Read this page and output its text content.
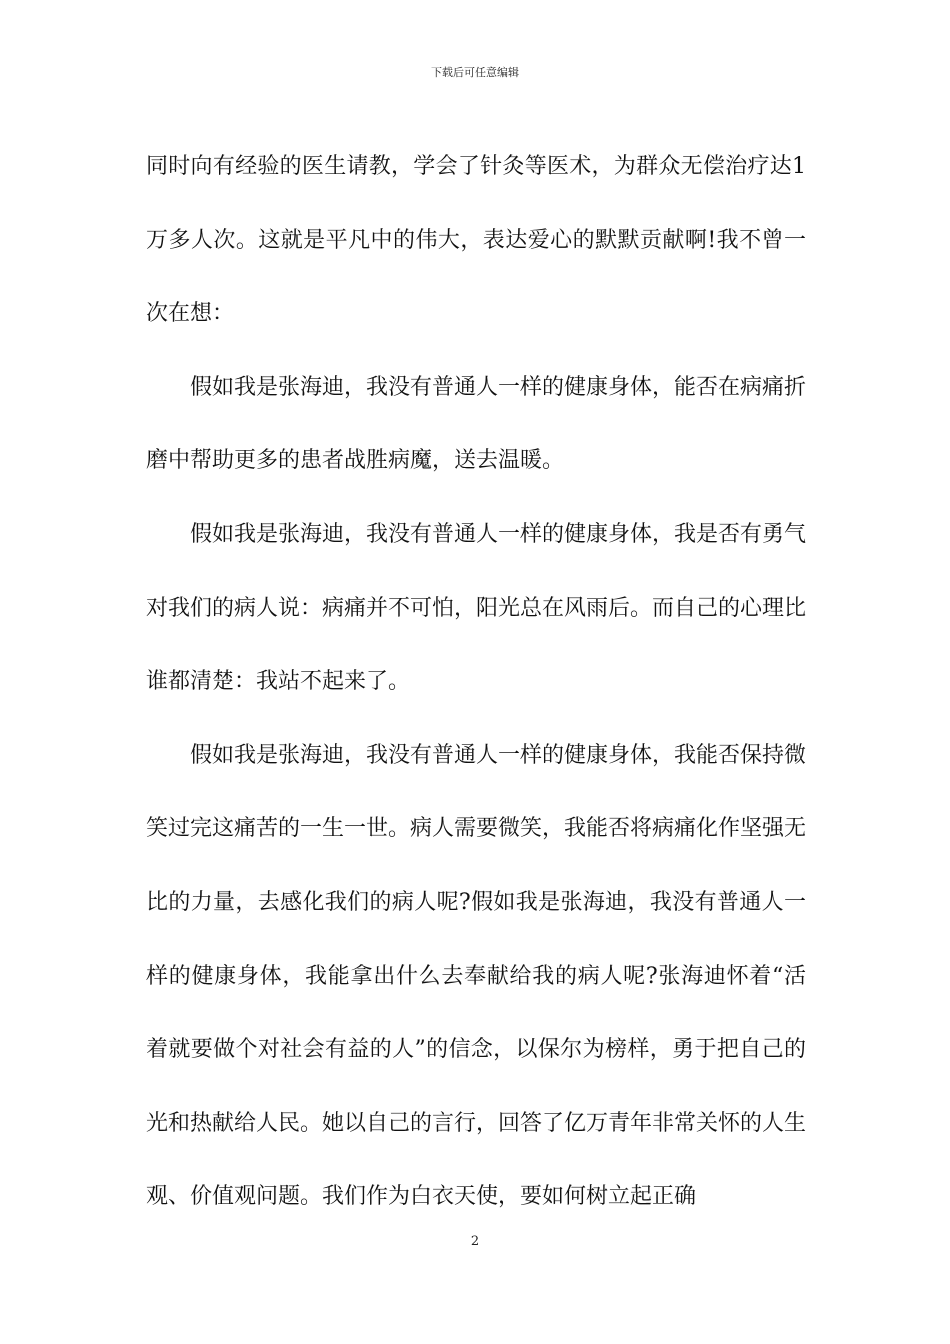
下载后可任意编辑

同时向有经验的医生请教，学会了针灸等医术，为群众无偿治疗达1万多人次。这就是平凡中的伟大，表达爱心的默默贡献啊!我不曾一次在想：

假如我是张海迪，我没有普通人一样的健康身体，能否在病痛折磨中帮助更多的患者战胜病魔，送去温暖。

假如我是张海迪，我没有普通人一样的健康身体，我是否有勇气对我们的病人说：病痛并不可怕，阳光总在风雨后。而自己的心理比谁都清楚：我站不起来了。

假如我是张海迪，我没有普通人一样的健康身体，我能否保持微笑过完这痛苦的一生一世。病人需要微笑，我能否将病痛化作坚强无比的力量，去感化我们的病人呢?假如我是张海迪，我没有普通人一样的健康身体，我能拿出什么去奉献给我的病人呢?张海迪怀着“活着就要做个对社会有益的人”的信念，以保尔为榜样，勇于把自己的光和热献给人民。她以自己的言行，回答了亿万青年非常关怀的人生观、价值观问题。我们作为白衣天使，要如何树立起正确

2
